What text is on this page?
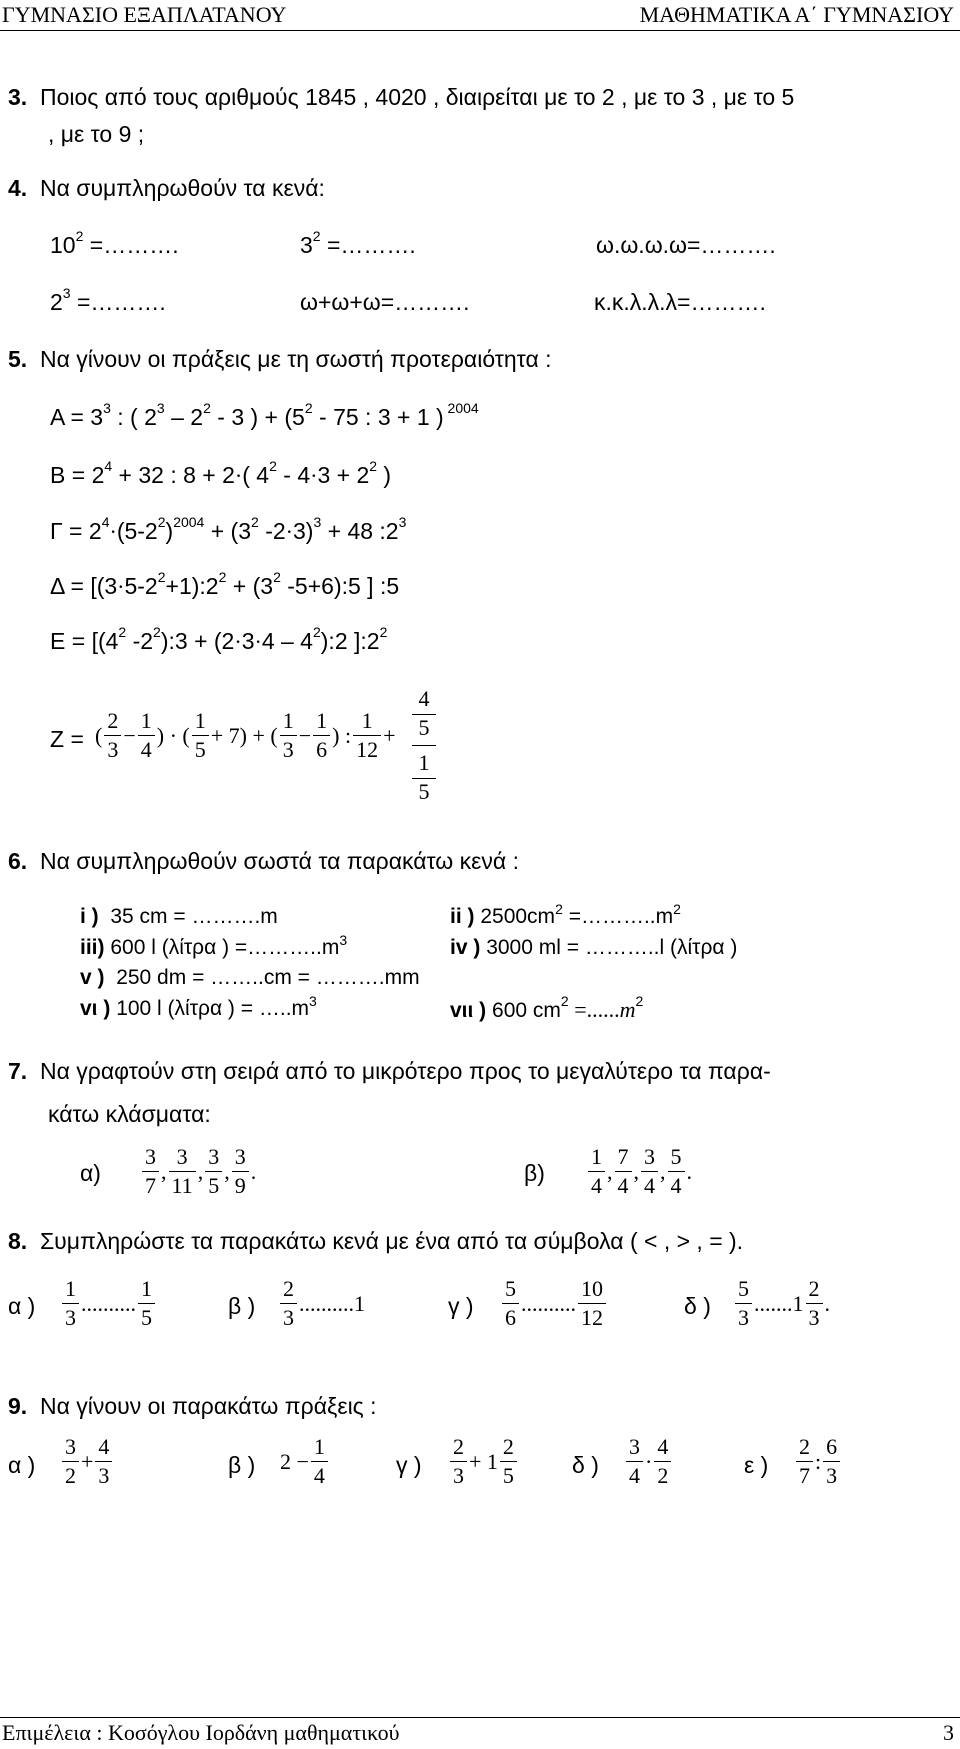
ΓΥΜΝΑΣΙΟ ΕΞΑΠΛΑΤΑΝΟΥ	ΜΑΘΗΜΑΤΙΚΑ Α΄ ΓΥΜΝΑΣΙΟΥ
3. Ποιος από τους αριθμούς 1845 , 4020 , διαιρείται με το 2 , με το 3 , με το 5
, με το 9 ;
4. Να συμπληρωθούν τα κενά:
$10^2$ =……….	$3^2$ =……….	ω.ω.ω.ω=……….
$2^3$ =……….	ω+ω+ω=……….	κ.κ.λ.λ.λ=……….
5. Να γίνουν οι πράξεις με τη σωστή προτεραιότητα :
$A = 3^3$ : ( $2^3 - 2^2 - 3$ ) + ($5^2 - 75$ : 3 + 1 ) $^{2004}$
$B = 2^4 + 32$ : 8 + 2·( $4^2 - 4\cdot 3 + 2^2$ )
$\Gamma = 2^4\cdot(5-2^2)^{2004} + (3^2$ -2·3)$^3$ + 48 $:2^3$
$\Delta = [(3\cdot 5-2^2+1):2^2 + (3^2$ -5+6):5 ] :5
$E = [(4^2$ $-2^2):3 + (2\cdot 3\cdot 4$ – $4^2):2$ ]$:2^2$
Ζ = ( $\frac{2}{3} - \frac{1}{4}$ ) · ( $\frac{1}{5} + 7$) + ( $\frac{1}{3} - \frac{1}{6}$ ) : $\frac{1}{12}$ +
4
5
1
5
6. Να συμπληρωθούν σωστά τα παρακάτω κενά :
i ) 35 cm = ……….m	ii ) $2500cm^2$ $=\dots\dots\dots..m^2$
iii) 600 l (λίτρα ) $=\dots\dots\dots..m^3$	iv ) 3000 ml = ………..l (λίτρα )
v ) 250 dm = ……..cm = ……….mm
vι ) 100 l (λίτρα ) = $\dots..m^3$	vιι ) 600 $cm^2 =......m^2$
7. Να γραφτούν στη σειρά από το μικρότερο προς το μεγαλύτερο τα παρα-
κάτω κλάσματα:
$\alpha) \frac{3}{7}$ , $\frac{3}{11}$ , $\frac{3}{5}$ , $\frac{3}{9}$ .	$\beta) \frac{1}{4}$ , $\frac{7}{4}$ , $\frac{3}{4}$ , $\frac{5}{4}$ .
8. Συμπληρώστε τα παρακάτω κενά με ένα από τα σύμβολα ( < , > , = ).
α ) $\frac{1}{3}$ .......... $\frac{1}{5}$	β ) $\frac{2}{3}$ .......... 1	γ ) $\frac{5}{6}$ .......... $\frac{10}{12}$	δ ) $\frac{5}{3}$ ....... $1 \frac{2}{3}$ .
9. Να γίνουν οι παρακάτω πράξεις :
α ) $\frac{3}{2} + \frac{4}{3}$	β ) $2 - \frac{1}{4}$	γ ) $\frac{2}{3} + 1 \frac{2}{5}$ δ ) $\frac{3}{4} \cdot \frac{4}{2}$	ε ) $\frac{2}{7}$ : $\frac{6}{3}$
Επιμέλεια : Κοσόγλου Ιορδάνη μαθηματικού	3
